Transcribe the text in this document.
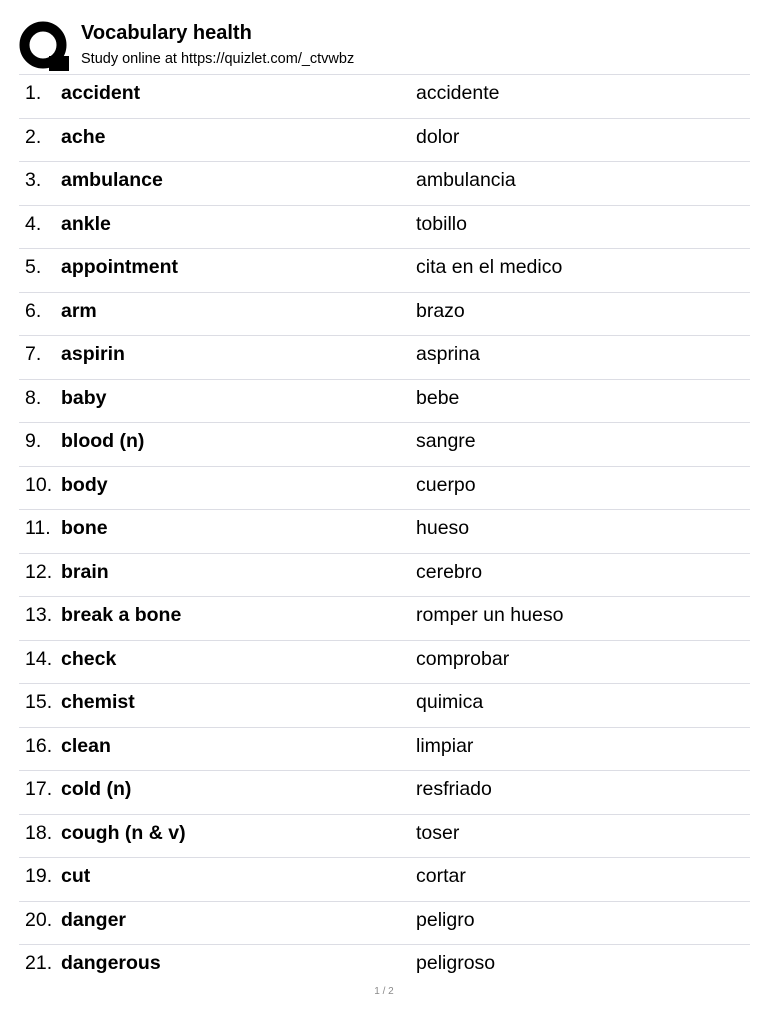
Vocabulary health
Study online at https://quizlet.com/_ctvwbz
1. accident	accidente
2. ache	dolor
3. ambulance	ambulancia
4. ankle	tobillo
5. appointment	cita en el medico
6. arm	brazo
7. aspirin	asprina
8. baby	bebe
9. blood (n)	sangre
10. body	cuerpo
11. bone	hueso
12. brain	cerebro
13. break a bone	romper un hueso
14. check	comprobar
15. chemist	quimica
16. clean	limpiar
17. cold (n)	resfriado
18. cough (n & v)	toser
19. cut	cortar
20. danger	peligro
21. dangerous	peligroso
1 / 2
